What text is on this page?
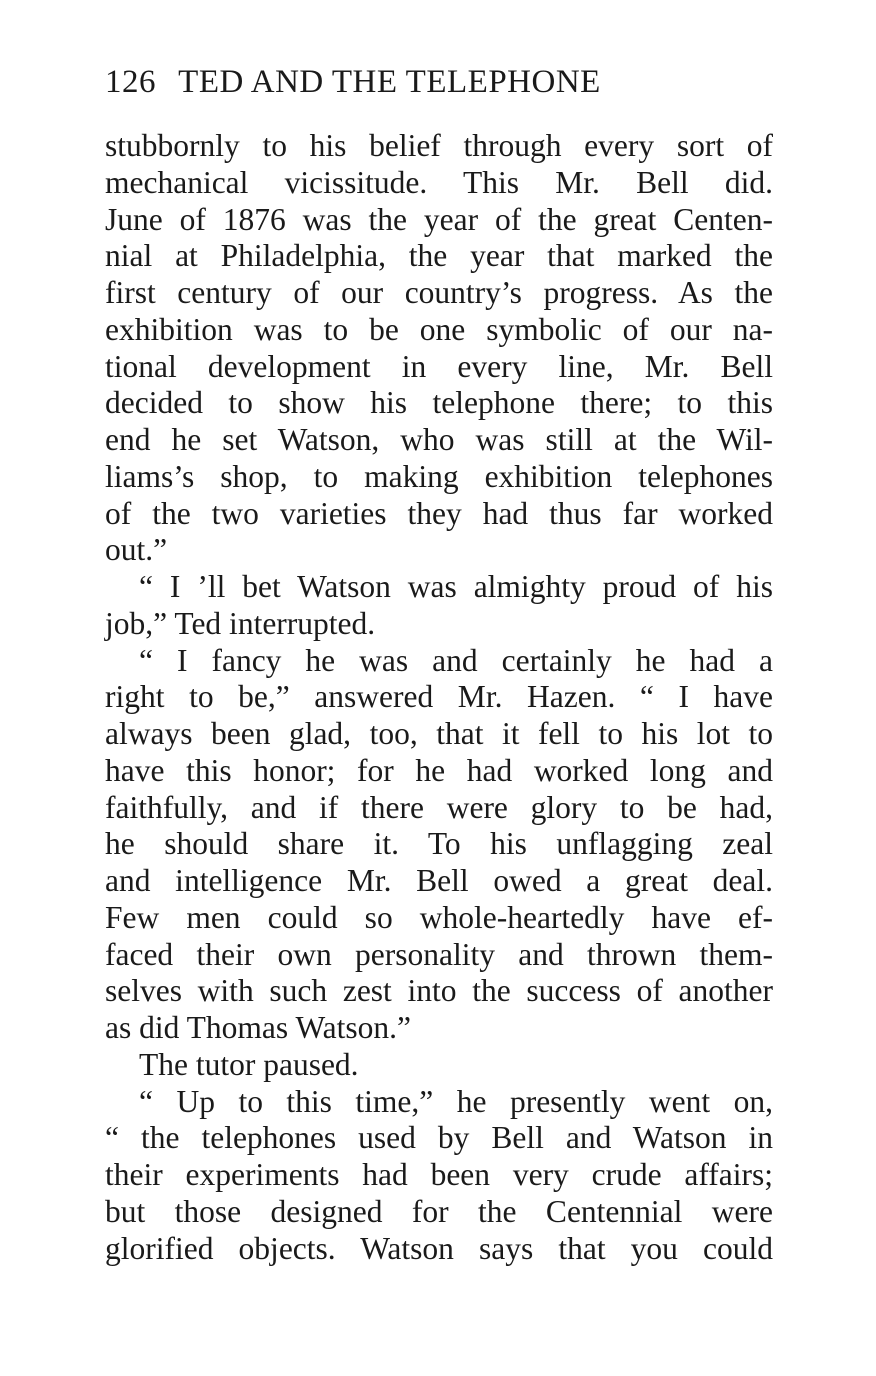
126 TED AND THE TELEPHONE
stubbornly to his belief through every sort of
mechanical vicissitude. This Mr. Bell did.
June of 1876 was the year of the great Centen-
nial at Philadelphia, the year that marked the
first century of our country’s progress. As the
exhibition was to be one symbolic of our na-
tional development in every line, Mr. Bell
decided to show his telephone there; to this
end he set Watson, who was still at the Wil-
liams’s shop, to making exhibition telephones
of the two varieties they had thus far worked
out.”
“ I ’ll bet Watson was almighty proud of his
job,” Ted interrupted.
“ I fancy he was and certainly he had a
right to be,” answered Mr. Hazen. “ I have
always been glad, too, that it fell to his lot to
have this honor; for he had worked long and
faithfully, and if there were glory to be had,
he should share it. To his unflagging zeal
and intelligence Mr. Bell owed a great deal.
Few men could so whole-heartedly have ef-
faced their own personality and thrown them-
selves with such zest into the success of another
as did Thomas Watson.”
The tutor paused.
“ Up to this time,” he presently went on,
“ the telephones used by Bell and Watson in
their experiments had been very crude affairs;
but those designed for the Centennial were
glorified objects. Watson says that you could
